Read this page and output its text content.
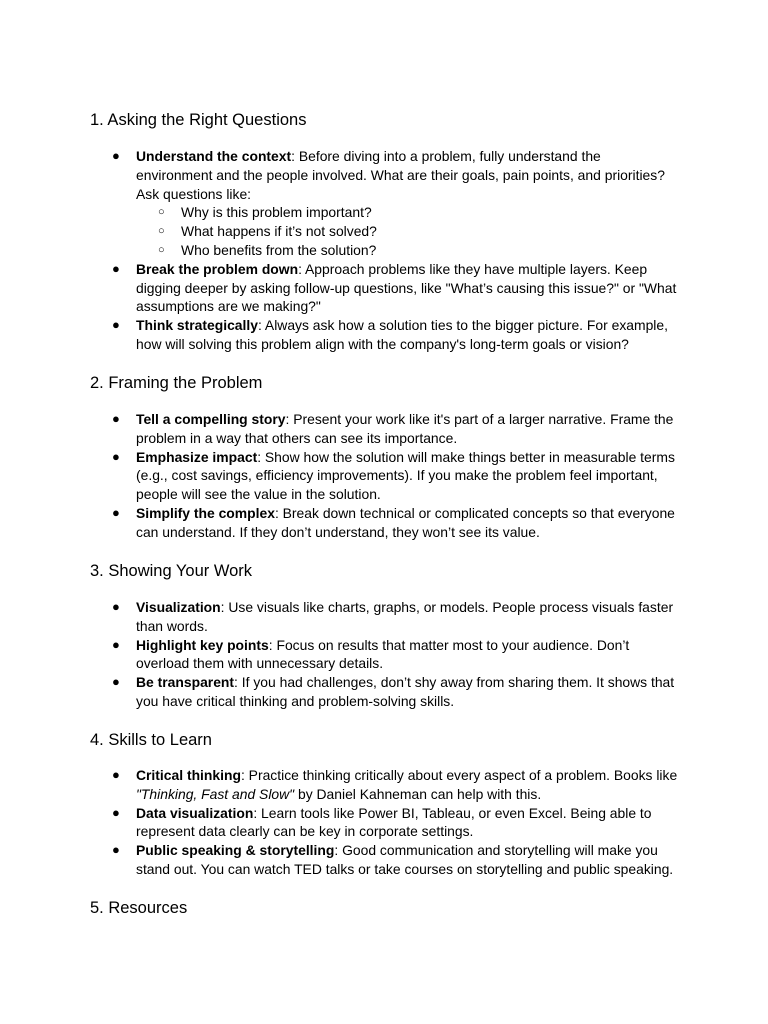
1. Asking the Right Questions
● Understand the context: Before diving into a problem, fully understand the environment and the people involved. What are their goals, pain points, and priorities? Ask questions like:
○ Why is this problem important?
○ What happens if it’s not solved?
○ Who benefits from the solution?
● Break the problem down: Approach problems like they have multiple layers. Keep digging deeper by asking follow-up questions, like "What’s causing this issue?" or "What assumptions are we making?"
● Think strategically: Always ask how a solution ties to the bigger picture. For example, how will solving this problem align with the company's long-term goals or vision?
2. Framing the Problem
● Tell a compelling story: Present your work like it's part of a larger narrative. Frame the problem in a way that others can see its importance.
● Emphasize impact: Show how the solution will make things better in measurable terms (e.g., cost savings, efficiency improvements). If you make the problem feel important, people will see the value in the solution.
● Simplify the complex: Break down technical or complicated concepts so that everyone can understand. If they don’t understand, they won’t see its value.
3. Showing Your Work
● Visualization: Use visuals like charts, graphs, or models. People process visuals faster than words.
● Highlight key points: Focus on results that matter most to your audience. Don’t overload them with unnecessary details.
● Be transparent: If you had challenges, don’t shy away from sharing them. It shows that you have critical thinking and problem-solving skills.
4. Skills to Learn
● Critical thinking: Practice thinking critically about every aspect of a problem. Books like "Thinking, Fast and Slow" by Daniel Kahneman can help with this.
● Data visualization: Learn tools like Power BI, Tableau, or even Excel. Being able to represent data clearly can be key in corporate settings.
● Public speaking & storytelling: Good communication and storytelling will make you stand out. You can watch TED talks or take courses on storytelling and public speaking.
5. Resources
